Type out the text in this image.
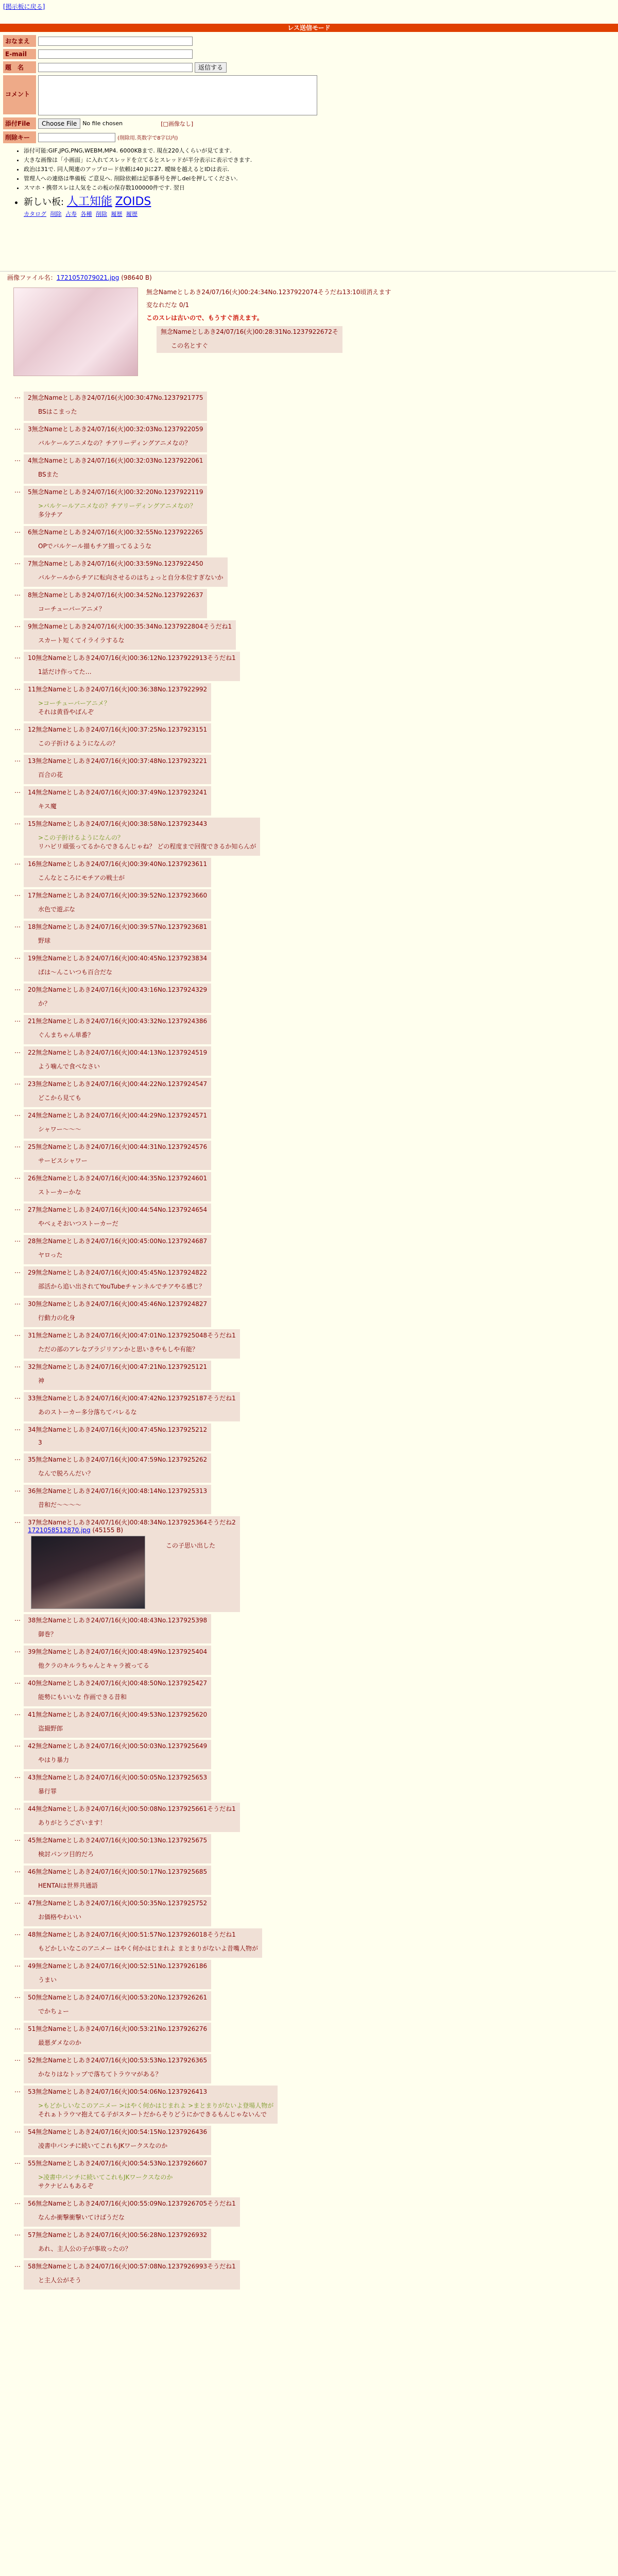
[掲示板に戻る]
レス送信モード
おなまえ
E-mail
題　名	返信する
コメント
添付File	Choose File	No file chosen	[□画像なし]
削除キー	(削除用.英数字で8字以内)
• 添付可能:GIF,JPG,PNG,WEBM,MP4. 6000KBまで. 現在220人くらいが見てます.
• 大きな画像は「小画面」に入れてスレッドを立てるとスレッドが半分表示に表示できます.
• 政治は31で. 同人関連のアップロード依頼は40 Jiに27. 曖昧を越えるとIDは表示.
• 管理人への連絡は準備板 ご意見へ. 削除依頼は記事番号を押しdelを押してください.
• スマホ・携帯スレは人気をこの板の保存数100000件です. 翌日
• 新しい板: 人工知能 ZOIDS
カタログ 削除 占寿 各種 削除 履歴 履歴
画像ファイル名：1721057079021.jpg (98640 B)
無念Nameとしあき24/07/16(火)00:24:34No.1237922074そうだね13:10頃消えます

変なれだな 0/1

このスレは古いので、もうすぐ消えます。

無念Nameとしあき24/07/16(火)00:28:31No.1237922672そ
この名とすぐ
…	2無念Nameとしあき24/07/16(火)00:30:47No.1237921775
BSはこまった
…	3無念Nameとしあき24/07/16(火)00:32:03No.1237922059
バルケールアニメなの？チアリーディングアニメなの？
…	4無念Nameとしあき24/07/16(火)00:32:03No.1237922061
BSまた
…	5無念Nameとしあき24/07/16(火)00:32:20No.1237922119
>バルケールアニメなの？チアリーディングアニメなの？
多分チア
…	6無念Nameとしあき24/07/16(火)00:32:55No.1237922265
OPでバルケール描もチア描ってるような
…	7無念Nameとしあき24/07/16(火)00:33:59No.1237922450
バルケールからチアに転向させるのはちょっと自分本位すぎないか
…	8無念Nameとしあき24/07/16(火)00:34:52No.1237922637
コーチューバーアニメ？
…	9無念Nameとしあき24/07/16(火)00:35:34No.1237922804そうだね1
スカート短くてイライラするな
…	10無念Nameとしあき24/07/16(火)00:36:12No.1237922913そうだね1
1話だけ作ってた…
…	11無念Nameとしあき24/07/16(火)00:36:38No.1237922992
>コーチューバーアニメ？
それは黄昏やばんぞ
…	12無念Nameとしあき24/07/16(火)00:37:25No.1237923151
この子折けるようになんの？
…	13無念Nameとしあき24/07/16(火)00:37:48No.1237923221
百合の花
…	14無念Nameとしあき24/07/16(火)00:37:49No.1237923241
キス魔
…	15無念Nameとしあき24/07/16(火)00:38:58No.1237923443
>この子折けるようになんの？
リハビリ頑張ってるからできるんじゃね？ どの程度まで回復できるか知らんが
…	16無念Nameとしあき24/07/16(火)00:39:40No.1237923611
こんなところにモチアの戦士が
…	17無念Nameとしあき24/07/16(火)00:39:52No.1237923660
水色で遊ぶな
…	18無念Nameとしあき24/07/16(火)00:39:57No.1237923681
野球
…	19無念Nameとしあき24/07/16(火)00:40:45No.1237923834
ぱは〜んこいつも百合だな
…	20無念Nameとしあき24/07/16(火)00:43:16No.1237924329
か？
…	21無念Nameとしあき24/07/16(火)00:43:32No.1237924386
ぐんまちゃん単番？
…	22無念Nameとしあき24/07/16(火)00:44:13No.1237924519
よう噛んで食べなさい
…	23無念Nameとしあき24/07/16(火)00:44:22No.1237924547
どこから見ても
…	24無念Nameとしあき24/07/16(火)00:44:29No.1237924571
シャワー〜〜〜
…	25無念Nameとしあき24/07/16(火)00:44:31No.1237924576
サービスシャワー
…	26無念Nameとしあき24/07/16(火)00:44:35No.1237924601
ストーカーかな
…	27無念Nameとしあき24/07/16(火)00:44:54No.1237924654
やべぇそおいつストーカーだ
…	28無念Nameとしあき24/07/16(火)00:45:00No.1237924687
ヤロった
…	29無念Nameとしあき24/07/16(火)00:45:45No.1237924822
部活から追い出されてYouTubeチャンネルでチアやる感じ？
…	30無念Nameとしあき24/07/16(火)00:45:46No.1237924827
行動力の化身
…	31無念Nameとしあき24/07/16(火)00:47:01No.1237925048そうだね1
ただの部のアレなプラジリアンかと思いきやもしや有能？
…	32無念Nameとしあき24/07/16(火)00:47:21No.1237925121
神
…	33無念Nameとしあき24/07/16(火)00:47:42No.1237925187そうだね1
あのストーカー多分落ちてバレるな
…	34無念Nameとしあき24/07/16(火)00:47:45No.1237925212
3
…	35無念Nameとしあき24/07/16(火)00:47:59No.1237925262
なんで脱ろんだい？
…	36無念Nameとしあき24/07/16(火)00:48:14No.1237925313
昔和だ〜〜〜〜
…	37無念Nameとしあき24/07/16(火)00:48:34No.1237925364そうだね2
1721058512870.jpg (45155 B)
この子思い出した
…	38無念Nameとしあき24/07/16(火)00:48:43No.1237925398
御巻？
…	39無念Nameとしあき24/07/16(火)00:48:49No.1237925404
他クラのキルラちゃんとキャラ被ってる
…	40無念Nameとしあき24/07/16(火)00:48:50No.1237925427
能勢にもいいな 作画できる昔和
…	41無念Nameとしあき24/07/16(火)00:49:53No.1237925620
盗撮野郎
…	42無念Nameとしあき24/07/16(火)00:50:03No.1237925649
やはり暴力
…	43無念Nameとしあき24/07/16(火)00:50:05No.1237925653
暴行罪
…	44無念Nameとしあき24/07/16(火)00:50:08No.1237925661そうだね1
ありがとうございます！
…	45無念Nameとしあき24/07/16(火)00:50:13No.1237925675
検討パンツ目的だろ
…	46無念Nameとしあき24/07/16(火)00:50:17No.1237925685
HENTAIは世界共通語
…	47無念Nameとしあき24/07/16(火)00:50:35No.1237925752
お価格やわいい
…	48無念Nameとしあき24/07/16(火)00:51:57No.1237926018そうだね1
もどかしいなこのアニメー はやく何かはじまれよ まとまりがないよ昔嘴人物が
…	49無念Nameとしあき24/07/16(火)00:52:51No.1237926186
うまい
…	50無念Nameとしあき24/07/16(火)00:53:20No.1237926261
でかちょー
…	51無念Nameとしあき24/07/16(火)00:53:21No.1237926276
最悪ダメなのか
…	52無念Nameとしあき24/07/16(火)00:53:53No.1237926365
かなりはなトップで落ちてトラウマがある？
…	53無念Nameとしあき24/07/16(火)00:54:06No.1237926413
>もどかしいなこのアニメー >はやく何かはじまれよ >まとまりがないよ登場人物が
それぁトラウマ抱えてる子がスタートだからそりどうにかできるもんじゃないんで
…	54無念Nameとしあき24/07/16(火)00:54:15No.1237926436
凌書中パンチに続いてこれもJKワークスなのか
…	55無念Nameとしあき24/07/16(火)00:54:53No.1237926607
>凌書中パンチに続いてこれもJKワークスなのか
サクナビムもあるぞ
…	56無念Nameとしあき24/07/16(火)00:55:09No.1237926705そうだね1
なんか衝撃衝撃いてけばうだな
…	57無念Nameとしあき24/07/16(火)00:56:28No.1237926932
あれ、主人公の子が事故ったの？
…	58無念Nameとしあき24/07/16(火)00:57:08No.1237926993そうだね1
と主人公がそう
